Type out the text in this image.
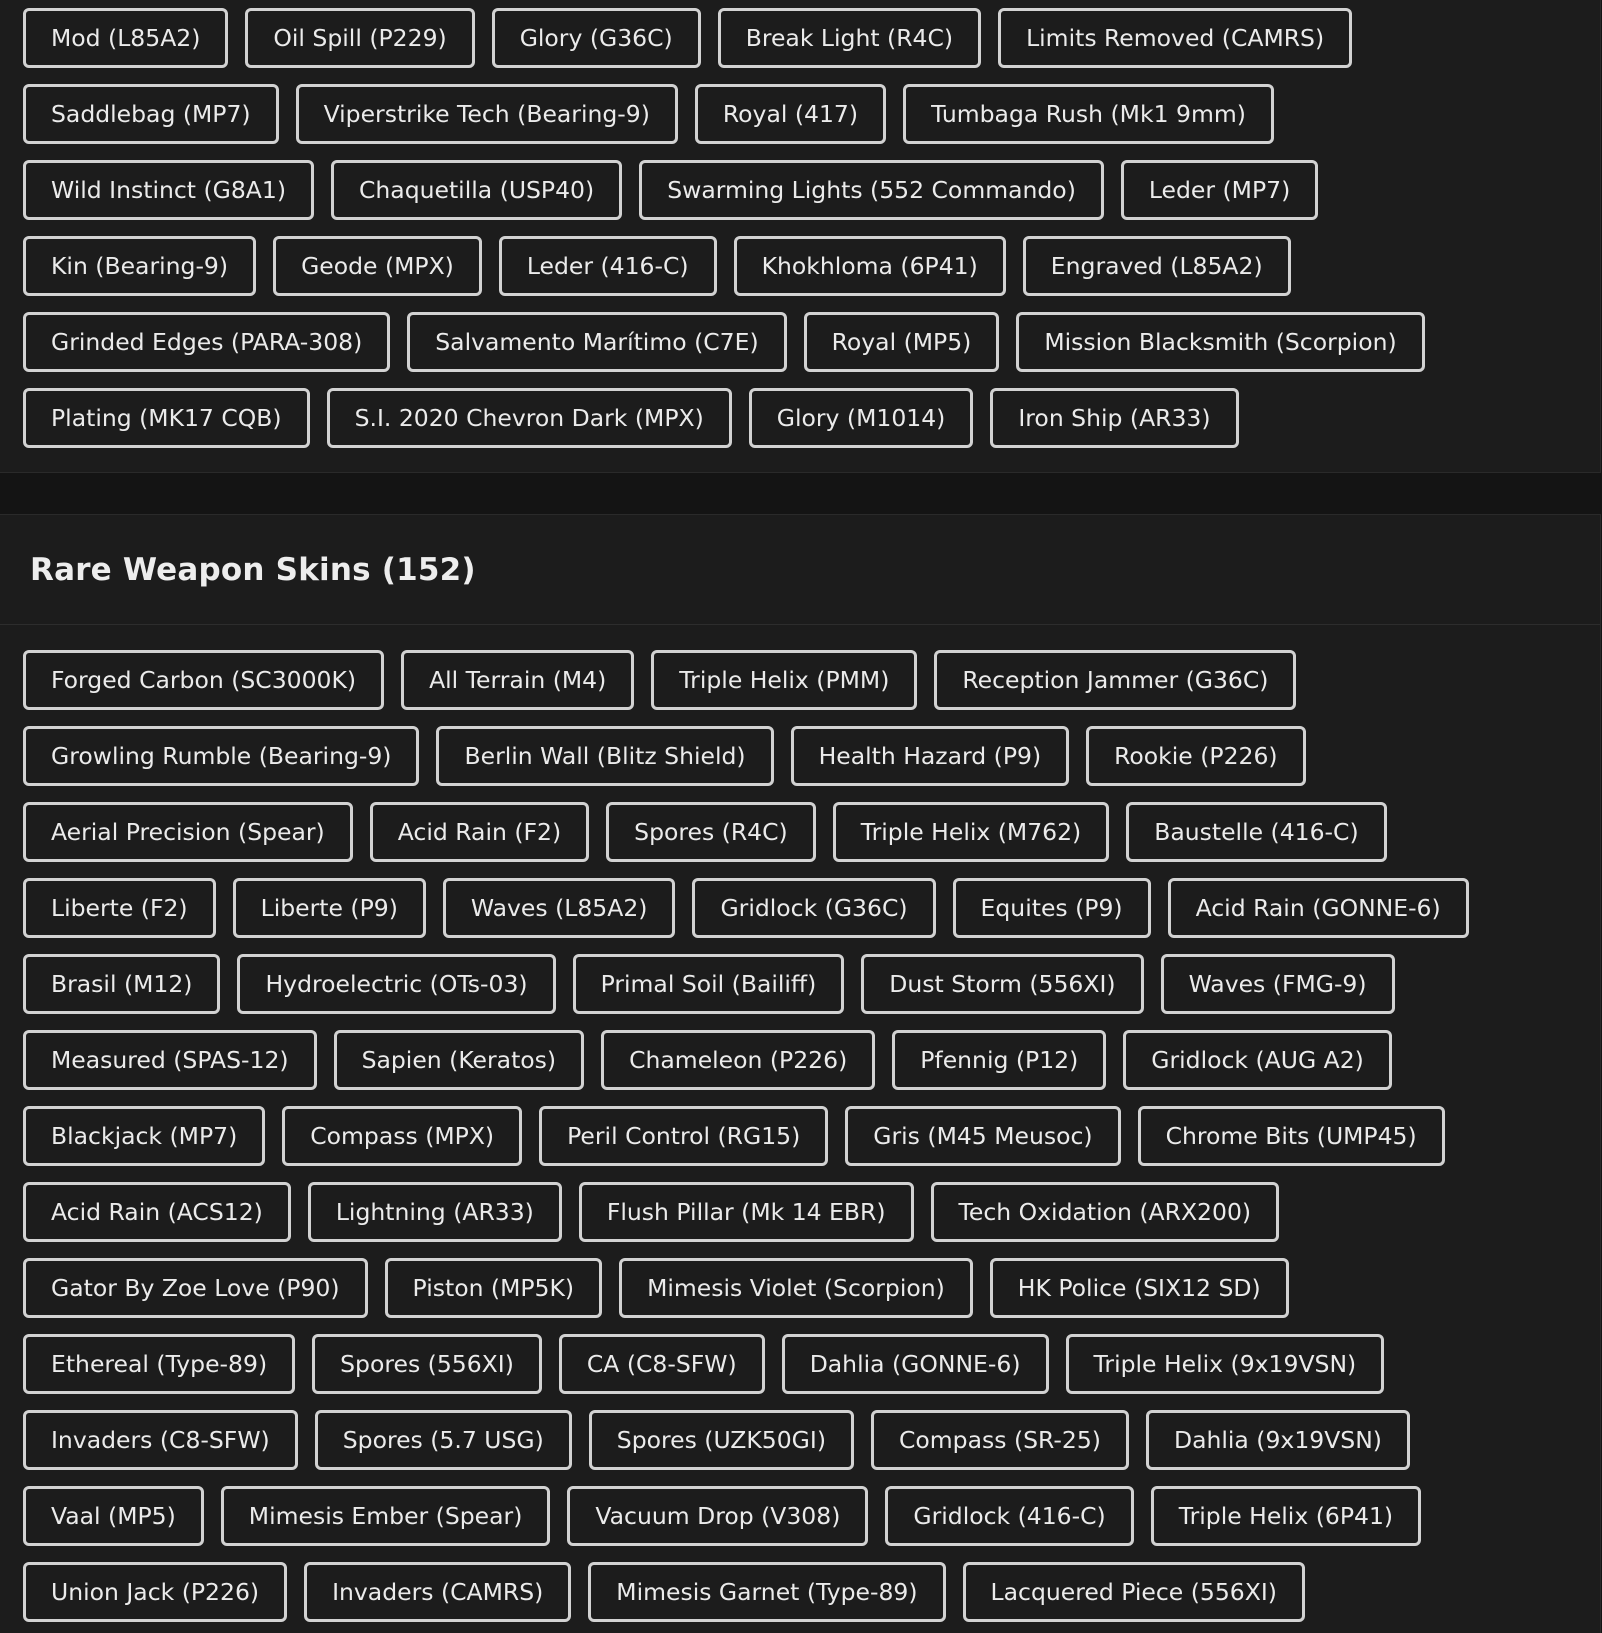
Mod (L85A2)	Oil Spill (P229)	Glory (G36C)	Break Light (R4C)	Limits Removed (CAMRS)
Saddlebag (MP7)	Viperstrike Tech (Bearing-9)	Royal (417)	Tumbaga Rush (Mk1 9mm)
Wild Instinct (G8A1)	Chaquetilla (USP40)	Swarming Lights (552 Commando)	Leder (MP7)
Kin (Bearing-9)	Geode (MPX)	Leder (416-C)	Khokhloma (6P41)	Engraved (L85A2)
Grinded Edges (PARA-308)	Salvamento Marítimo (C7E)	Royal (MP5)	Mission Blacksmith (Scorpion)
Plating (MK17 CQB)	S.I. 2020 Chevron Dark (MPX)	Glory (M1014)	Iron Ship (AR33)
Rare Weapon Skins (152)
Forged Carbon (SC3000K)	All Terrain (M4)	Triple Helix (PMM)	Reception Jammer (G36C)
Growling Rumble (Bearing-9)	Berlin Wall (Blitz Shield)	Health Hazard (P9)	Rookie (P226)
Aerial Precision (Spear)	Acid Rain (F2)	Spores (R4C)	Triple Helix (M762)	Baustelle (416-C)
Liberte (F2)	Liberte (P9)	Waves (L85A2)	Gridlock (G36C)	Equites (P9)	Acid Rain (GONNE-6)
Brasil (M12)	Hydroelectric (OTs-03)	Primal Soil (Bailiff)	Dust Storm (556XI)	Waves (FMG-9)
Measured (SPAS-12)	Sapien (Keratos)	Chameleon (P226)	Pfennig (P12)	Gridlock (AUG A2)
Blackjack (MP7)	Compass (MPX)	Peril Control (RG15)	Gris (M45 Meusoc)	Chrome Bits (UMP45)
Acid Rain (ACS12)	Lightning (AR33)	Flush Pillar (Mk 14 EBR)	Tech Oxidation (ARX200)
Gator By Zoe Love (P90)	Piston (MP5K)	Mimesis Violet (Scorpion)	HK Police (SIX12 SD)
Ethereal (Type-89)	Spores (556XI)	CA (C8-SFW)	Dahlia (GONNE-6)	Triple Helix (9x19VSN)
Invaders (C8-SFW)	Spores (5.7 USG)	Spores (UZK50GI)	Compass (SR-25)	Dahlia (9x19VSN)
Vaal (MP5)	Mimesis Ember (Spear)	Vacuum Drop (V308)	Gridlock (416-C)	Triple Helix (6P41)
Union Jack (P226)	Invaders (CAMRS)	Mimesis Garnet (Type-89)	Lacquered Piece (556XI)
